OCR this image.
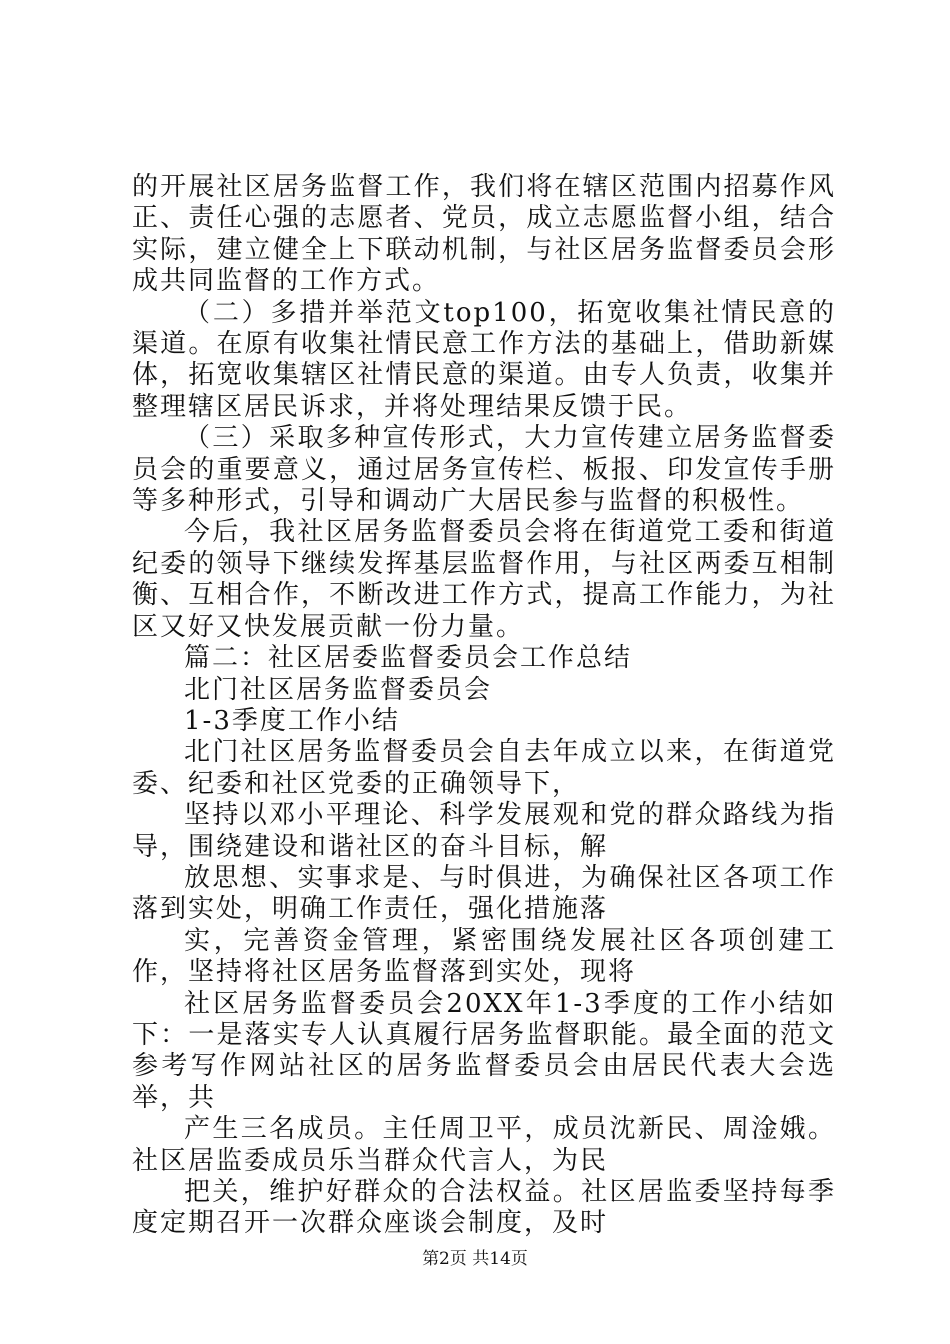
的开展社区居务监督工作，我们将在辖区范围内招募作风正、责任心强的志愿者、党员，成立志愿监督小组，结合实际，建立健全上下联动机制，与社区居务监督委员会形成共同监督的工作方式。

（二）多措并举范文top100，拓宽收集社情民意的渠道。在原有收集社情民意工作方法的基础上，借助新媒体，拓宽收集辖区社情民意的渠道。由专人负责，收集并整理辖区居民诉求，并将处理结果反馈于民。

（三）采取多种宣传形式，大力宣传建立居务监督委员会的重要意义，通过居务宣传栏、板报、印发宣传手册等多种形式，引导和调动广大居民参与监督的积极性。

今后，我社区居务监督委员会将在街道党工委和街道纪委的领导下继续发挥基层监督作用，与社区两委互相制衡、互相合作，不断改进工作方式，提高工作能力，为社区又好又快发展贡献一份力量。

篇二：社区居委监督委员会工作总结

北门社区居务监督委员会

1-3季度工作小结

北门社区居务监督委员会自去年成立以来，在街道党委、纪委和社区党委的正确领导下，

坚持以邓小平理论、科学发展观和党的群众路线为指导，围绕建设和谐社区的奋斗目标，解

放思想、实事求是、与时俱进，为确保社区各项工作落到实处，明确工作责任，强化措施落

实，完善资金管理，紧密围绕发展社区各项创建工作，坚持将社区居务监督落到实处，现将

社区居务监督委员会20XX年1-3季度的工作小结如下：一是落实专人认真履行居务监督职能。最全面的范文参考写作网站社区的居务监督委员会由居民代表大会选举，共

产生三名成员。主任周卫平，成员沈新民、周淦娥。社区居监委成员乐当群众代言人，为民

把关，维护好群众的合法权益。社区居监委坚持每季度定期召开一次群众座谈会制度，及时

第2页 共14页
